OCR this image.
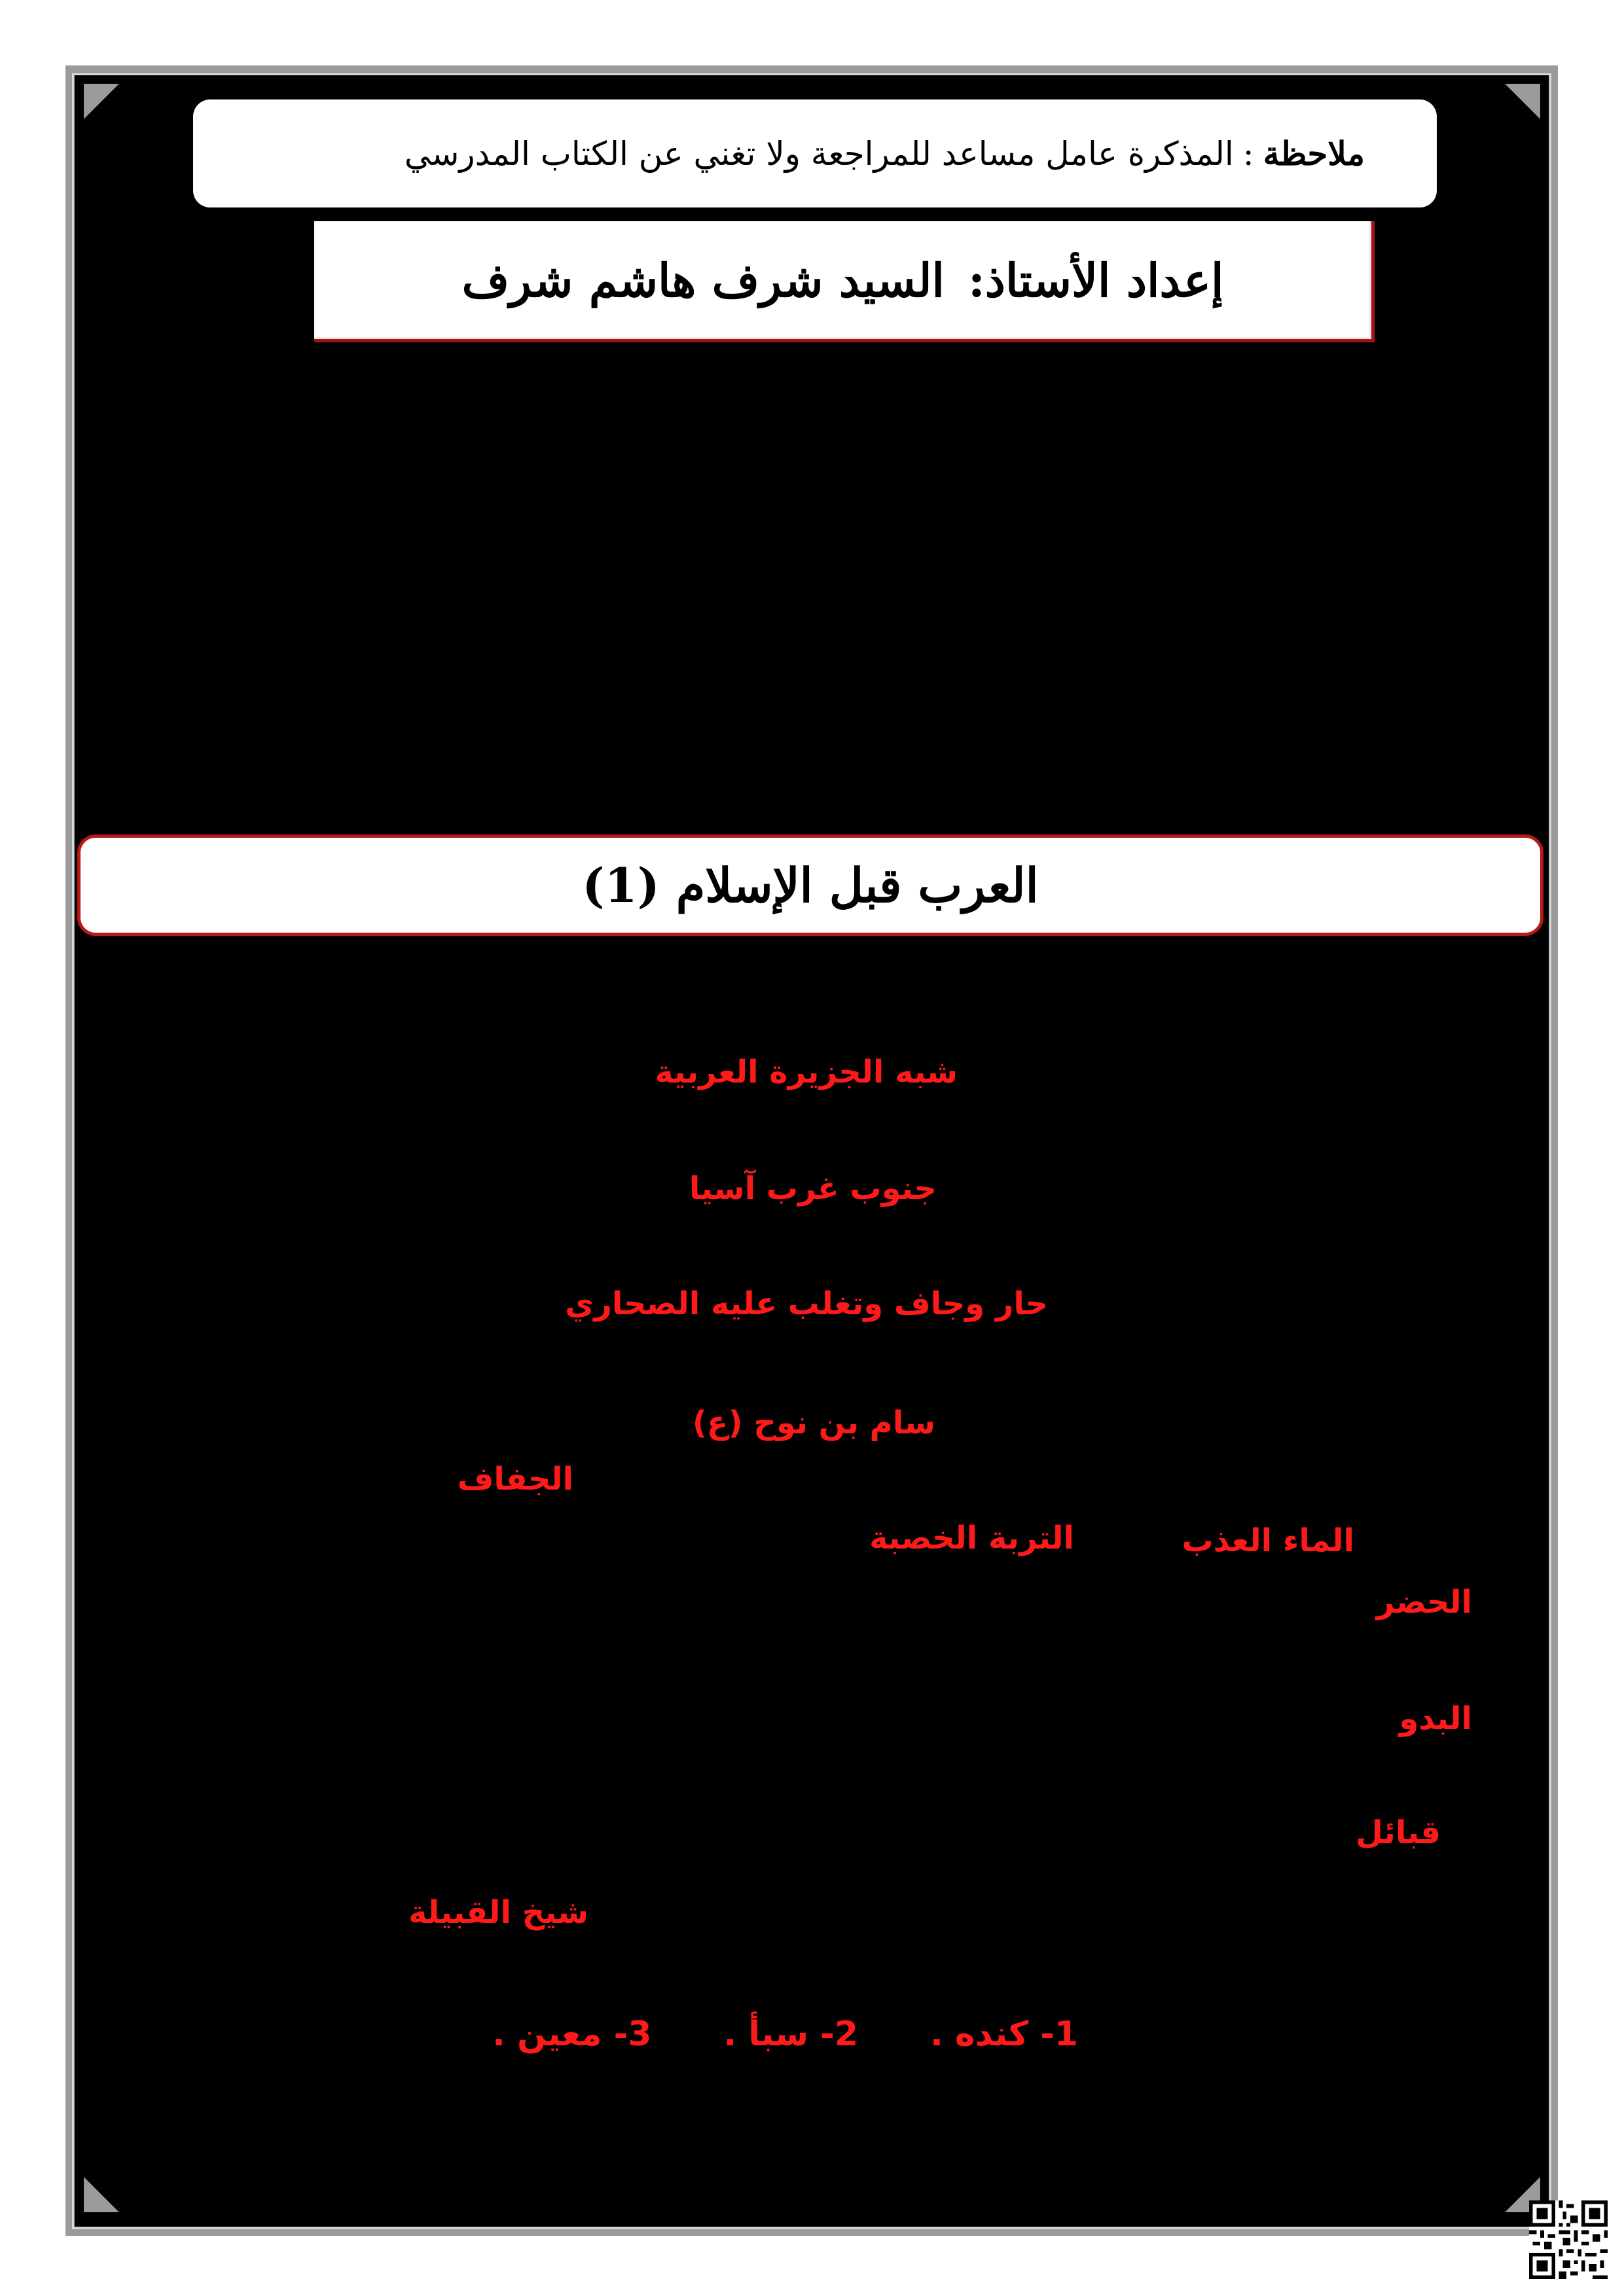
ملاحظة
:
المذكرة عامل مساعد للمراجعة ولا تغني عن الكتاب المدرسي
إعداد الأستاذ:
السيد شرف هاشم شرف
العرب قبل الإسلام (1)
شبه الجزيرة العربية
جنوب غرب آسيا
حار وجاف وتغلب عليه الصحاري
سام بن نوح (ع)
الجفاف
الماء العذب
التربة الخصبة
الحضر
البدو
قبائل
شيخ القبيلة
1- كنده .
2- سبأ .
3- معين .
